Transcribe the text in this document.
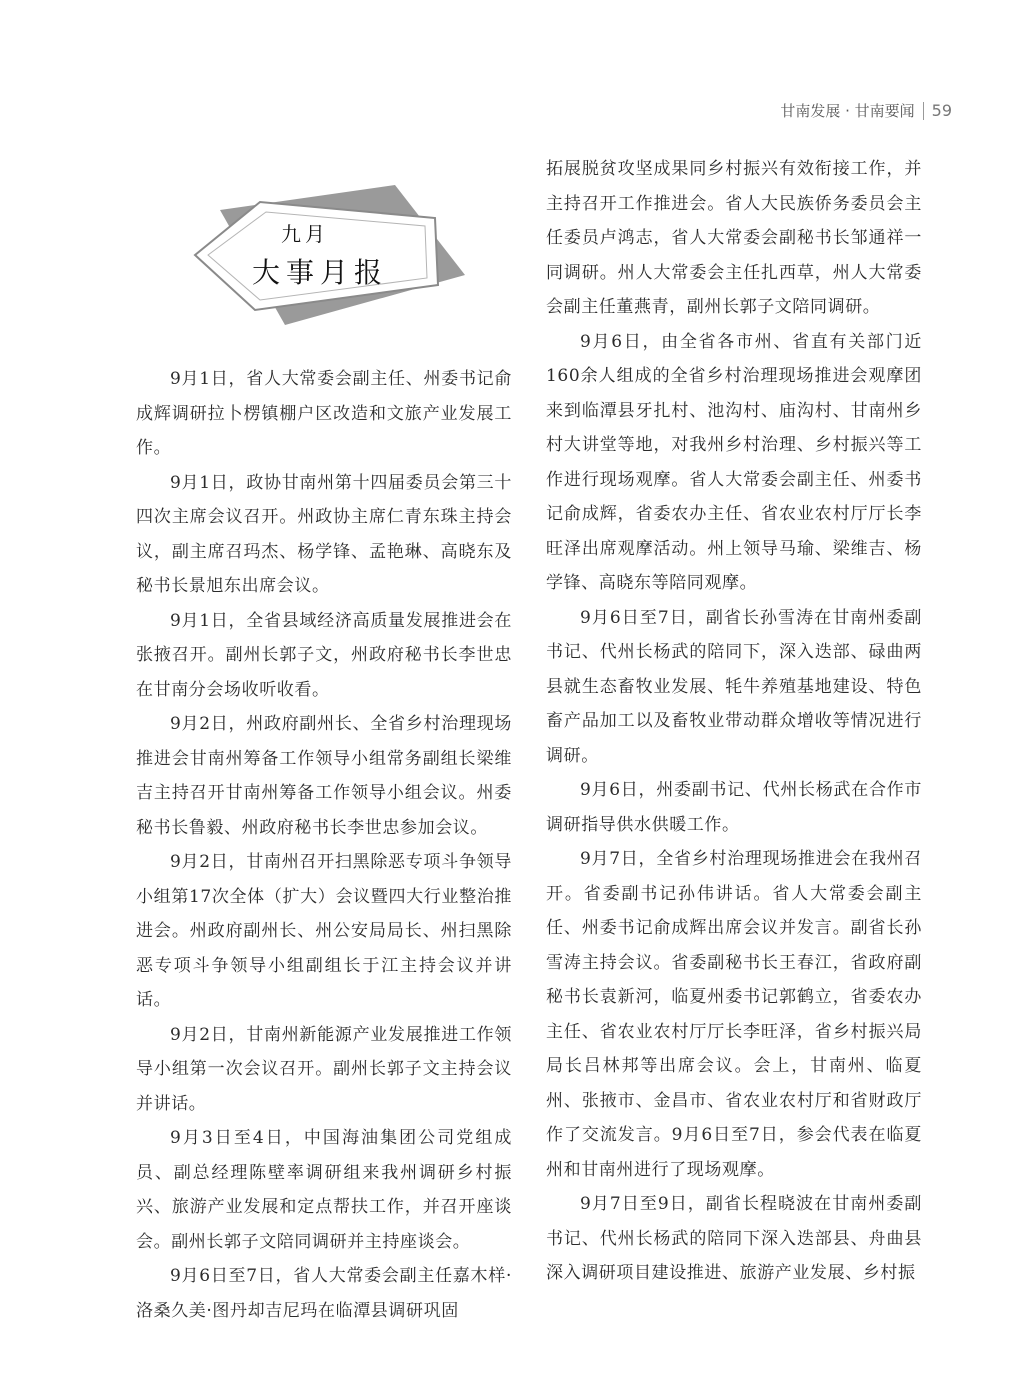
甘南发展 · 甘南要闻 59
九月
大事月报

9月1日，省人大常委会副主任、州委书记俞成辉调研拉卜楞镇棚户区改造和文旅产业发展工作。

9月1日，政协甘南州第十四届委员会第三十四次主席会议召开。州政协主席仁青东珠主持会议，副主席召玛杰、杨学锋、孟艳琳、高晓东及秘书长景旭东出席会议。

9月1日，全省县域经济高质量发展推进会在张掖召开。副州长郭子文，州政府秘书长李世忠在甘南分会场收听收看。

9月2日，州政府副州长、全省乡村治理现场推进会甘南州筹备工作领导小组常务副组长梁维吉主持召开甘南州筹备工作领导小组会议。州委秘书长鲁毅、州政府秘书长李世忠参加会议。

9月2日，甘南州召开扫黑除恶专项斗争领导小组第17次全体（扩大）会议暨四大行业整治推进会。州政府副州长、州公安局局长、州扫黑除恶专项斗争领导小组副组长于江主持会议并讲话。

9月2日，甘南州新能源产业发展推进工作领导小组第一次会议召开。副州长郭子文主持会议并讲话。

9月3日至4日，中国海油集团公司党组成员、副总经理陈壁率调研组来我州调研乡村振兴、旅游产业发展和定点帮扶工作，并召开座谈会。副州长郭子文陪同调研并主持座谈会。

9月6日至7日，省人大常委会副主任嘉木样·洛桑久美·图丹却吉尼玛在临潭县调研巩固

拓展脱贫攻坚成果同乡村振兴有效衔接工作，并主持召开工作推进会。省人大民族侨务委员会主任委员卢鸿志，省人大常委会副秘书长邹通祥一同调研。州人大常委会主任扎西草，州人大常委会副主任董燕青，副州长郭子文陪同调研。

9月6日，由全省各市州、省直有关部门近160余人组成的全省乡村治理现场推进会观摩团来到临潭县牙扎村、池沟村、庙沟村、甘南州乡村大讲堂等地，对我州乡村治理、乡村振兴等工作进行现场观摩。省人大常委会副主任、州委书记俞成辉，省委农办主任、省农业农村厅厅长李旺泽出席观摩活动。州上领导马瑜、梁维吉、杨学锋、高晓东等陪同观摩。

9月6日至7日，副省长孙雪涛在甘南州委副书记、代州长杨武的陪同下，深入迭部、碌曲两县就生态畜牧业发展、牦牛养殖基地建设、特色畜产品加工以及畜牧业带动群众增收等情况进行调研。

9月6日，州委副书记、代州长杨武在合作市调研指导供水供暖工作。

9月7日，全省乡村治理现场推进会在我州召开。省委副书记孙伟讲话。省人大常委会副主任、州委书记俞成辉出席会议并发言。副省长孙雪涛主持会议。省委副秘书长王春江，省政府副秘书长袁新河，临夏州委书记郭鹤立，省委农办主任、省农业农村厅厅长李旺泽，省乡村振兴局局长吕林邦等出席会议。会上，甘南州、临夏州、张掖市、金昌市、省农业农村厅和省财政厅作了交流发言。9月6日至7日，参会代表在临夏州和甘南州进行了现场观摩。

9月7日至9日，副省长程晓波在甘南州委副书记、代州长杨武的陪同下深入迭部县、舟曲县深入调研项目建设推进、旅游产业发展、乡村振
